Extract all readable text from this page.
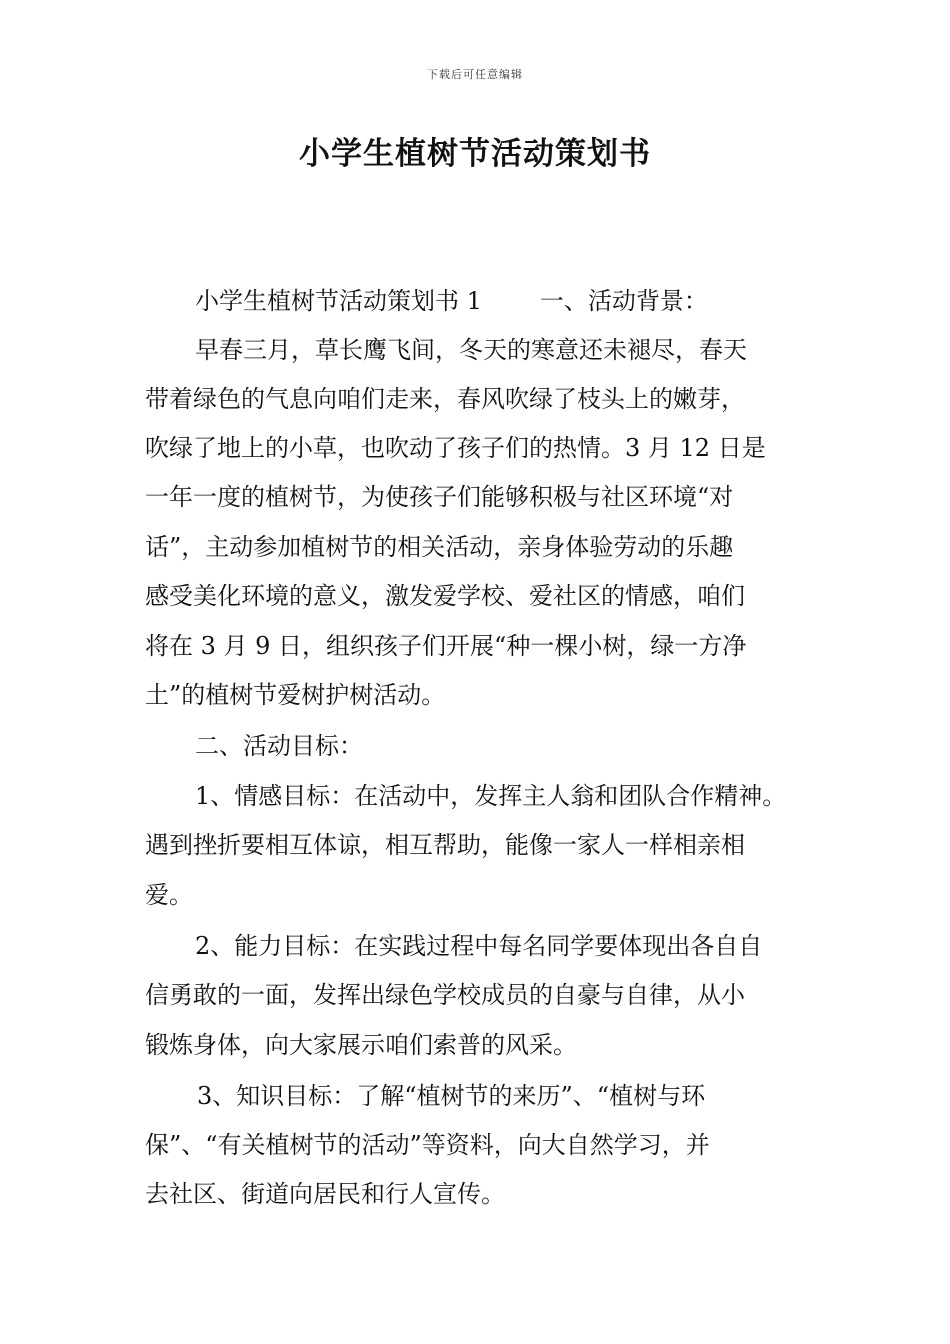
下载后可任意编辑
小学生植树节活动策划书
小学生植树节活动策划书 1 一、活动背景：
早春三月，草长鹰飞间，冬天的寒意还未褪尽，春天
带着绿色的气息向咱们走来，春风吹绿了枝头上的嫩芽，
吹绿了地上的小草，也吹动了孩子们的热情。3 月 12 日是
一年一度的植树节，为使孩子们能够积极与社区环境“对
话”，主动参加植树节的相关活动，亲身体验劳动的乐趣
感受美化环境的意义，激发爱学校、爱社区的情感，咱们
将在 3 月 9 日，组织孩子们开展“种一棵小树，绿一方净
土”的植树节爱树护树活动。
二、活动目标：
1、情感目标：在活动中，发挥主人翁和团队合作精神。
遇到挫折要相互体谅，相互帮助，能像一家人一样相亲相
爱。
2、能力目标：在实践过程中每名同学要体现出各自自
信勇敢的一面，发挥出绿色学校成员的自豪与自律，从小
锻炼身体，向大家展示咱们索普的风采。
3、知识目标：了解“植树节的来历”、“植树与环
保”、“有关植树节的活动”等资料，向大自然学习，并
去社区、街道向居民和行人宣传。
